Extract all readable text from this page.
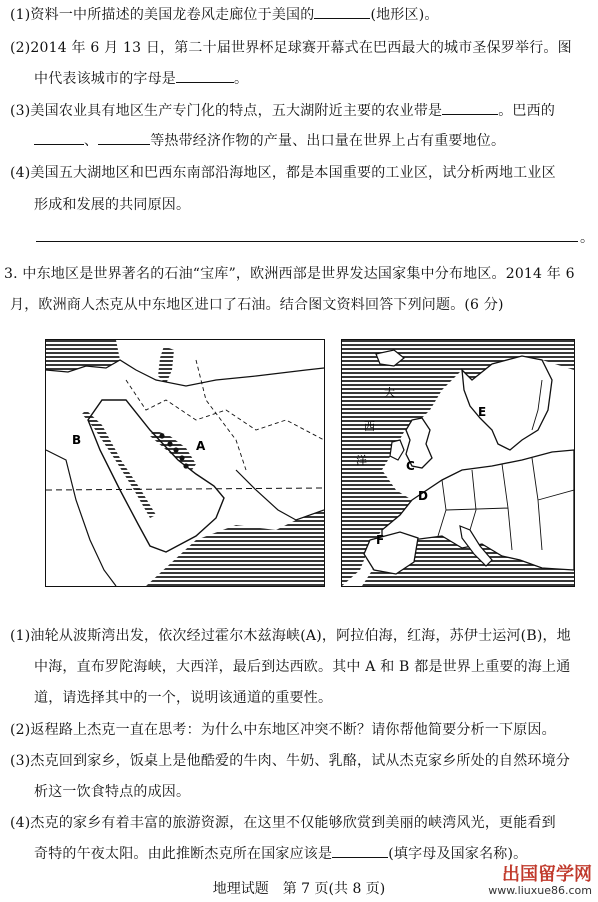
(1)资料一中所描述的美国龙卷风走廊位于美国的	(地形区)。
(2)2014 年 6 月 13 日，第二十届世界杯足球赛开幕式在巴西最大的城市圣保罗举行。图
中代表该城市的字母是	。
(3)美国农业具有地区生产专门化的特点，五大湖附近主要的农业带是	。巴西的
、	等热带经济作物的产量、出口量在世界上占有重要地位。
(4)美国五大湖地区和巴西东南部沿海地区，都是本国重要的工业区，试分析两地工业区
形成和发展的共同原因。
。
3. 中东地区是世界著名的石油“宝库”，欧洲西部是世界发达国家集中分布地区。2014 年 6
月，欧洲商人杰克从中东地区进口了石油。结合图文资料回答下列问题。(6 分)
B	A
大
西
洋	C
D
E
F
(1)油轮从波斯湾出发，依次经过霍尔木兹海峡(A)，阿拉伯海，红海，苏伊士运河(B)，地
中海，直布罗陀海峡，大西洋，最后到达西欧。其中 A 和 B 都是世界上重要的海上通
道，请选择其中的一个，说明该通道的重要性。
(2)返程路上杰克一直在思考：为什么中东地区冲突不断？请你帮他简要分析一下原因。
(3)杰克回到家乡，饭桌上是他酷爱的牛肉、牛奶、乳酪，试从杰克家乡所处的自然环境分
析这一饮食特点的成因。
(4)杰克的家乡有着丰富的旅游资源，在这里不仅能够欣赏到美丽的峡湾风光，更能看到
奇特的午夜太阳。由此推断杰克所在国家应该是	(填字母及国家名称)。
地理试题　第 7 页(共 8 页)
出国留学网
www.liuxue86.com
